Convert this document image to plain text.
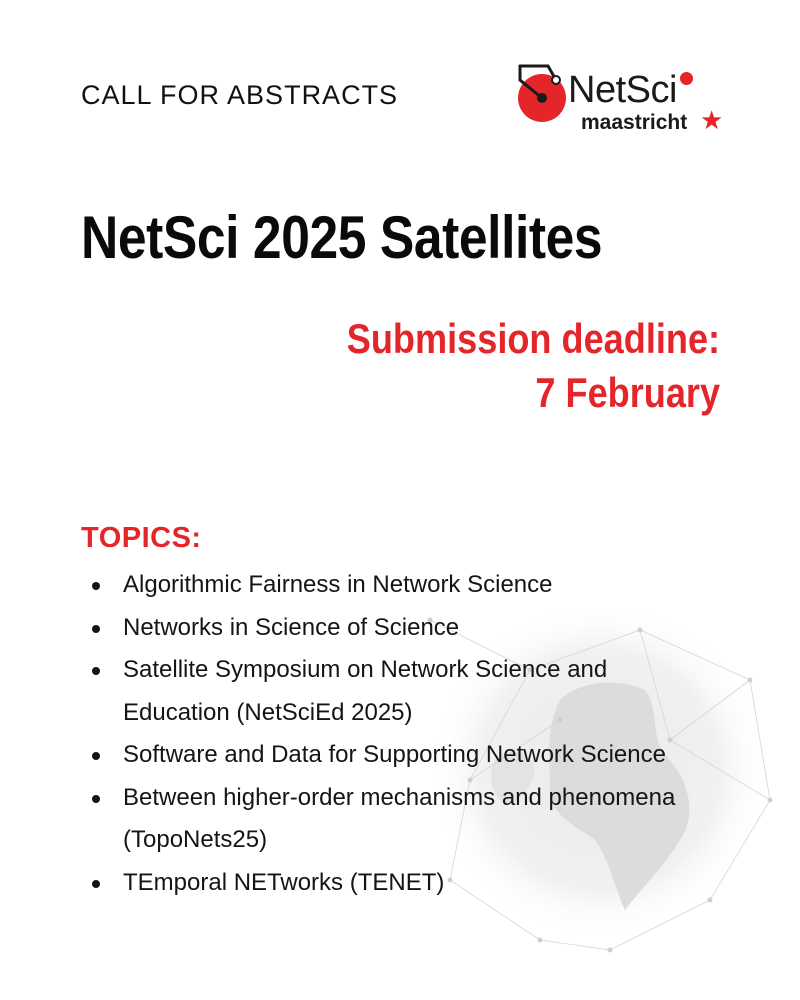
CALL FOR ABSTRACTS	NetSci
maastricht ★
NetSci 2025 Satellites
Submission deadline:
7 February
TOPICS:
Algorithmic Fairness in Network Science
Networks in Science of Science
Satellite Symposium on Network Science and Education (NetSciEd 2025)
Software and Data for Supporting Network Science
Between higher-order mechanisms and phenomena (TopoNets25)
TEmporal NETworks (TENET)
